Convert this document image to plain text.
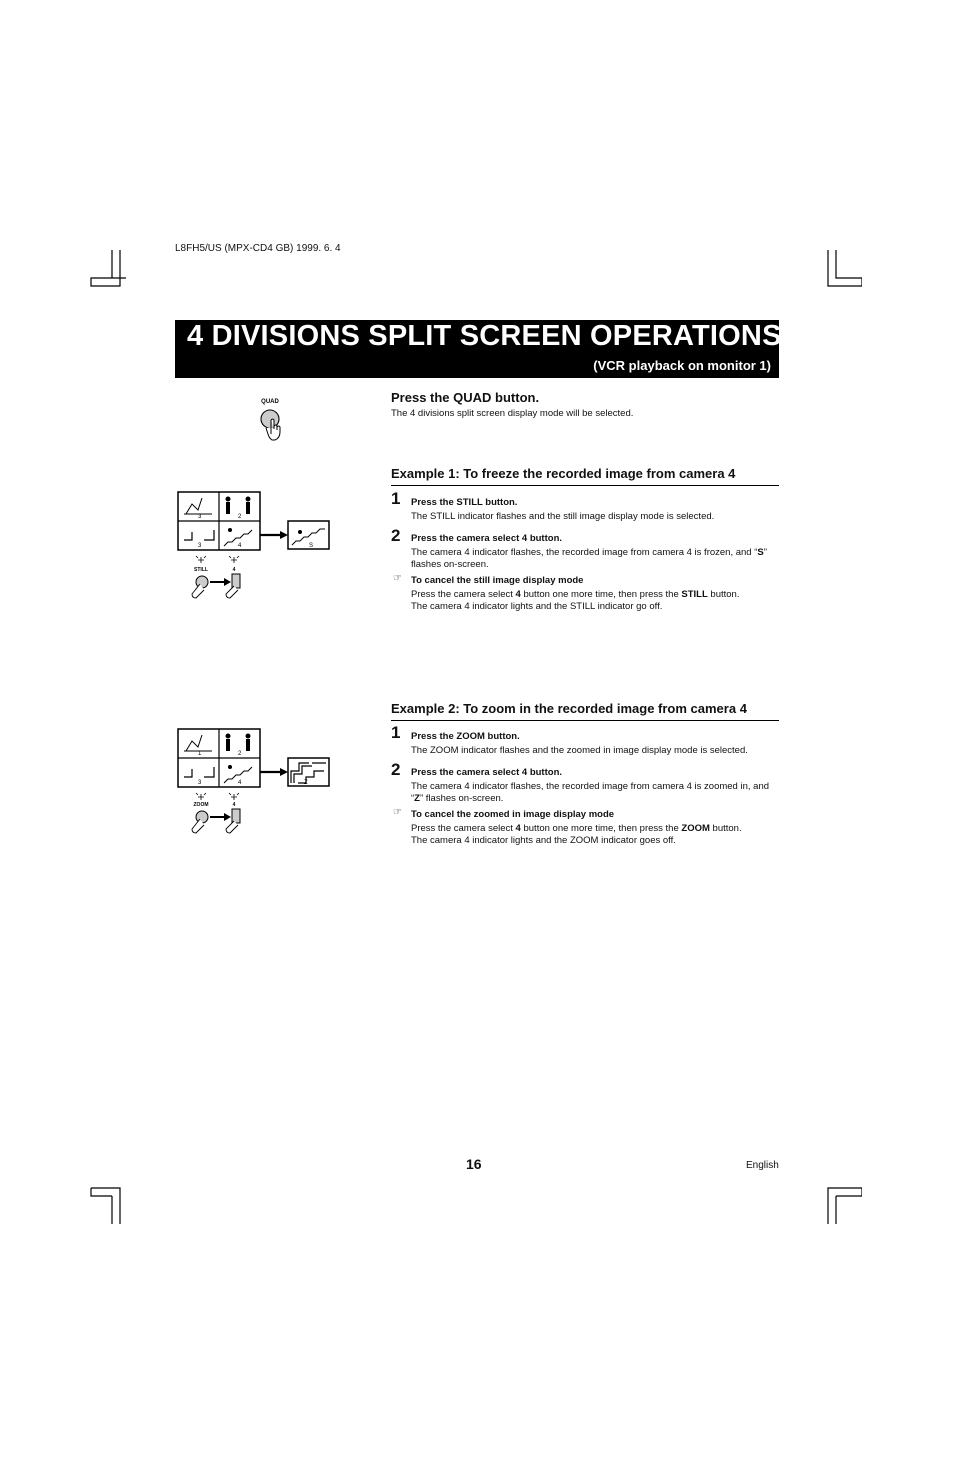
L8FH5/US (MPX-CD4 GB) 1999. 6. 4
4 DIVISIONS SPLIT SCREEN OPERATIONS
(VCR playback on monitor 1)
QUAD	Press the QUAD button.
The 4 divisions split screen display mode will be selected.
Example 1: To freeze the recorded image from camera 4
3	2
3	4	S
STILL	4
1 Press the STILL button.
The STILL indicator flashes and the still image display mode is selected.
2 Press the camera select 4 button.
The camera 4 indicator flashes, the recorded image from camera 4 is frozen, and “S” flashes on-screen.
☞ To cancel the still image display mode
Press the camera select 4 button one more time, then press the STILL button.
The camera 4 indicator lights and the STILL indicator go off.
Example 2: To zoom in the recorded image from camera 4
1	2
3	4	Z
ZOOM	4
1 Press the ZOOM button.
The ZOOM indicator flashes and the zoomed in image display mode is selected.
2 Press the camera select 4 button.
The camera 4 indicator flashes, the recorded image from camera 4 is zoomed in, and “Z” flashes on-screen.
☞ To cancel the zoomed in image display mode
Press the camera select 4 button one more time, then press the ZOOM button.
The camera 4 indicator lights and the ZOOM indicator goes off.
16	English
